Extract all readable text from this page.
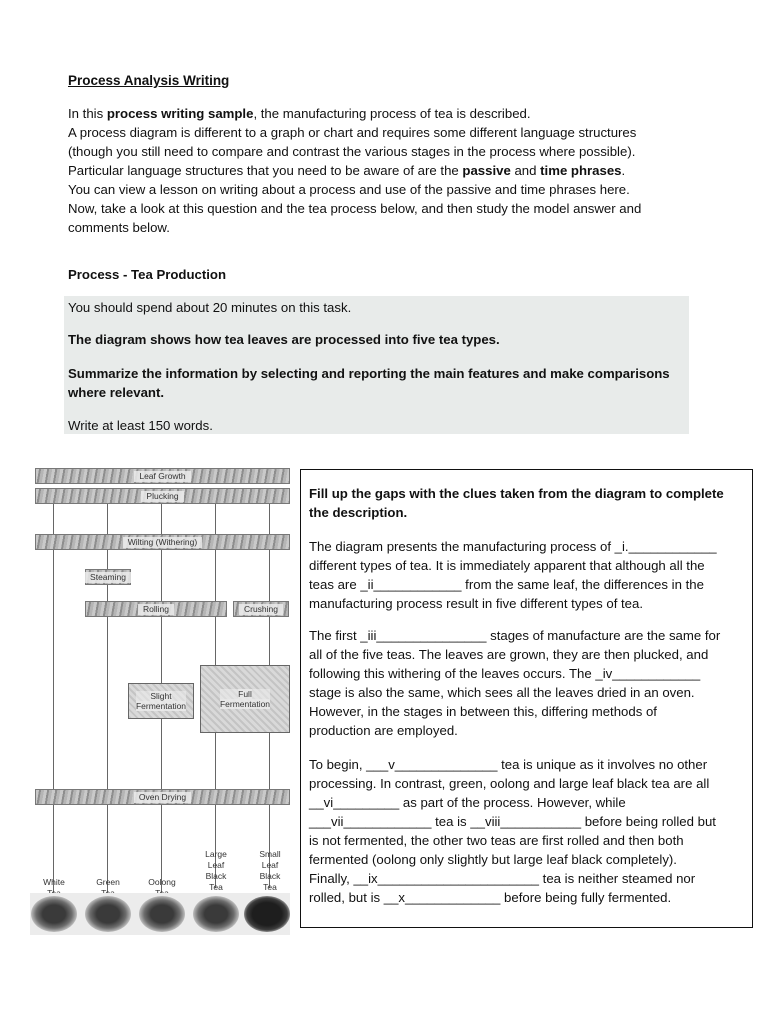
Process Analysis Writing
In this process writing sample, the manufacturing process of tea is described.
A process diagram is different to a graph or chart and requires some different language structures
(though you still need to compare and contrast the various stages in the process where possible).
Particular language structures that you need to be aware of are the passive and time phrases.
You can view a lesson on writing about a process and use of the passive and time phrases here.
Now, take a look at this question and the tea process below, and then study the model answer and
comments below.
Process - Tea Production
You should spend about 20 minutes on this task.
The diagram shows how tea leaves are processed into five tea types.
Summarize the information by selecting and reporting the main features and make comparisons
where relevant.
Write at least 150 words.
Leaf Growth
Plucking
Wilting (Withering)
Steaming
Rolling	Crushing
Slight
Fermentation
Full
Fermentation
Oven Drying
White	Green	Oolong

Large
Leaf
Black
Tea
Small
Leaf
Black
Tea
Fill up the gaps with the clues taken from the diagram to complete
the description.
The diagram presents the manufacturing process of _i.____________
different types of tea. It is immediately apparent that although all the
teas are _ii____________ from the same leaf, the differences in the
manufacturing process result in five different types of tea.
The first _iii_______________ stages of manufacture are the same for
all of the five teas. The leaves are grown, they are then plucked, and
following this withering of the leaves occurs. The _iv____________
stage is also the same, which sees all the leaves dried in an oven.
However, in the stages in between this, differing methods of
production are employed.
To begin, ___v______________ tea is unique as it involves no other
processing. In contrast, green, oolong and large leaf black tea are all
__vi_________ as part of the process. However, while
___vii____________ tea is __viii___________ before being rolled but
is not fermented, the other two teas are first rolled and then both
fermented (oolong only slightly but large leaf black completely).
Finally, __ix______________________ tea is neither steamed nor
rolled, but is __x_____________ before being fully fermented.
